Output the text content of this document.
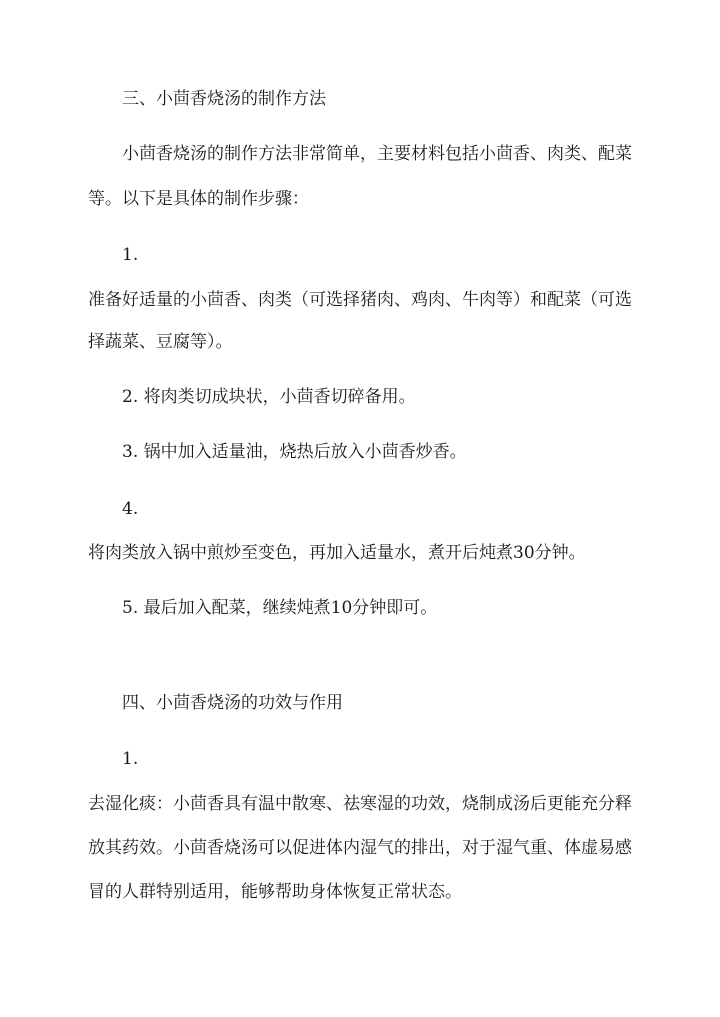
三、小茴香烧汤的制作方法
小茴香烧汤的制作方法非常简单，主要材料包括小茴香、肉类、配菜
等。以下是具体的制作步骤：
1.
准备好适量的小茴香、肉类（可选择猪肉、鸡肉、牛肉等）和配菜（可选
择蔬菜、豆腐等）。
2. 将肉类切成块状，小茴香切碎备用。
3. 锅中加入适量油，烧热后放入小茴香炒香。
4.
将肉类放入锅中煎炒至变色，再加入适量水，煮开后炖煮30分钟。
5. 最后加入配菜，继续炖煮10分钟即可。
四、小茴香烧汤的功效与作用
1.
去湿化痰：小茴香具有温中散寒、祛寒湿的功效，烧制成汤后更能充分释
放其药效。小茴香烧汤可以促进体内湿气的排出，对于湿气重、体虚易感
冒的人群特别适用，能够帮助身体恢复正常状态。
